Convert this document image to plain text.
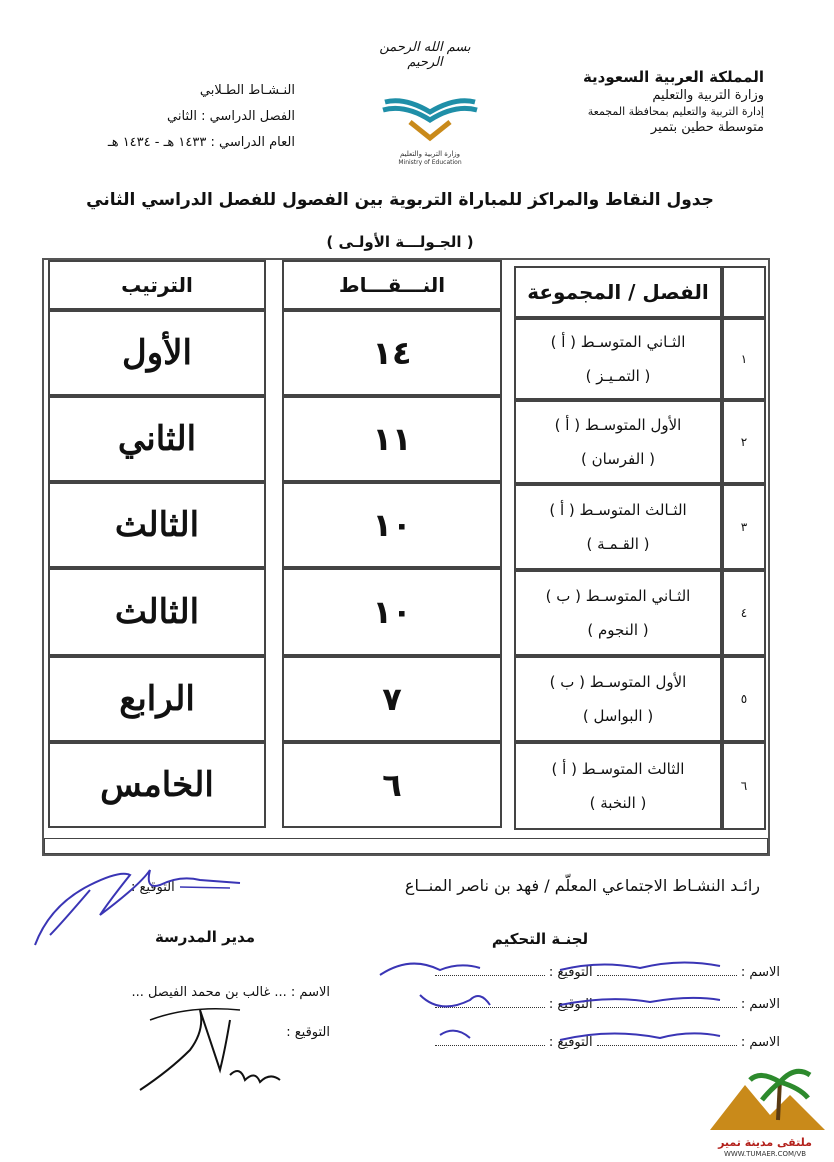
المملكة العربية السعودية
وزارة التربية والتعليم
إدارة التربية والتعليم بمحافظة المجمعة
متوسطة حطين بتمير
بسم الله الرحمن الرحيم
وزارة التربية والتعليم
Ministry of Education
النـشـاط الطـلابي
الفصل الدراسي : الثاني
العام الدراسي : ١٤٣٣ هـ - ١٤٣٤ هـ
جدول النقاط والمراكز للمباراة التربوية بين الفصول للفصل الدراسي الثاني
( الجـولـــة الأولـى )
الفصل / المجموعة
النـــقـــاط
الترتيب
١
الثـاني المتوسـط ( أ )
( التمـيـز )
١٤
الأول
٢
الأول المتوسـط ( أ )
( الفرسان )
١١
الثاني
٣
الثـالث المتوسـط ( أ )
( القـمـة )
١٠
الثالث
٤
الثـاني المتوسـط ( ب )
( النجوم )
١٠
الثالث
٥
الأول المتوسـط ( ب )
( البواسل )
٧
الرابع
٦
الثالث المتوسـط ( أ )
( النخبة )
٦
الخامس
رائـد النشـاط الاجتماعي المعلّم / فهد بن ناصر المنــاع  التوقيع :
مدير المدرسة	لجنـة التحكيم
الاسم : ... غالب بن محمد الفيصل ...
التوقيع :
الاسم :  التوقيع :
الاسم :  التوقيع :
الاسم :  التوقيع :
ملتقى مدينة تمير
WWW.TUMAER.COM/VB
